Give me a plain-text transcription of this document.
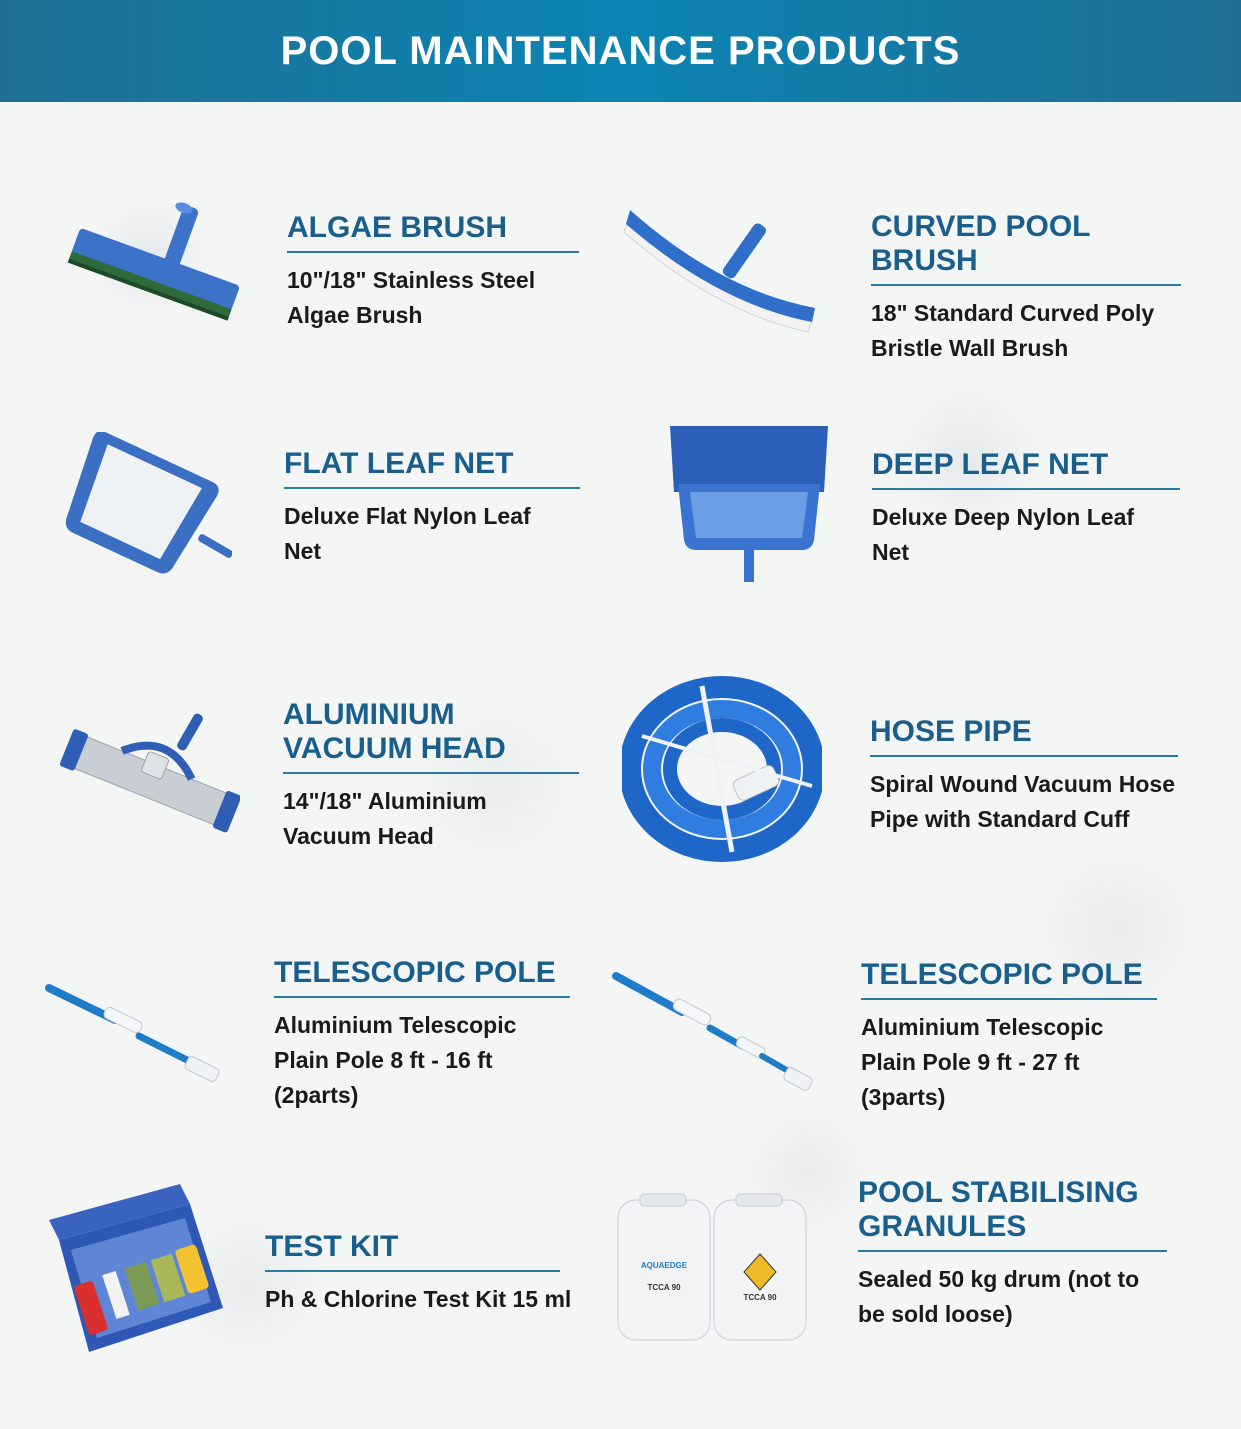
POOL MAINTENANCE PRODUCTS
ALGAE BRUSH
10"/18" Stainless Steel
Algae Brush
CURVED POOL BRUSH
18" Standard Curved Poly
Bristle Wall Brush
FLAT LEAF NET
Deluxe Flat Nylon Leaf
Net
DEEP LEAF NET
Deluxe Deep Nylon Leaf
Net
ALUMINIUM
VACUUM HEAD
14"/18" Aluminium
Vacuum Head
HOSE PIPE
Spiral Wound Vacuum Hose
Pipe with Standard Cuff
TELESCOPIC POLE
Aluminium Telescopic
Plain Pole 8 ft - 16 ft
(2parts)
TELESCOPIC POLE
Aluminium Telescopic
Plain Pole 9 ft - 27 ft
(3parts)
TEST KIT
Ph & Chlorine Test Kit 15 ml
AQUAEDGE
TCCA 90
TCCA 90
POOL STABILISING
GRANULES
Sealed 50 kg drum (not to
be sold loose)
